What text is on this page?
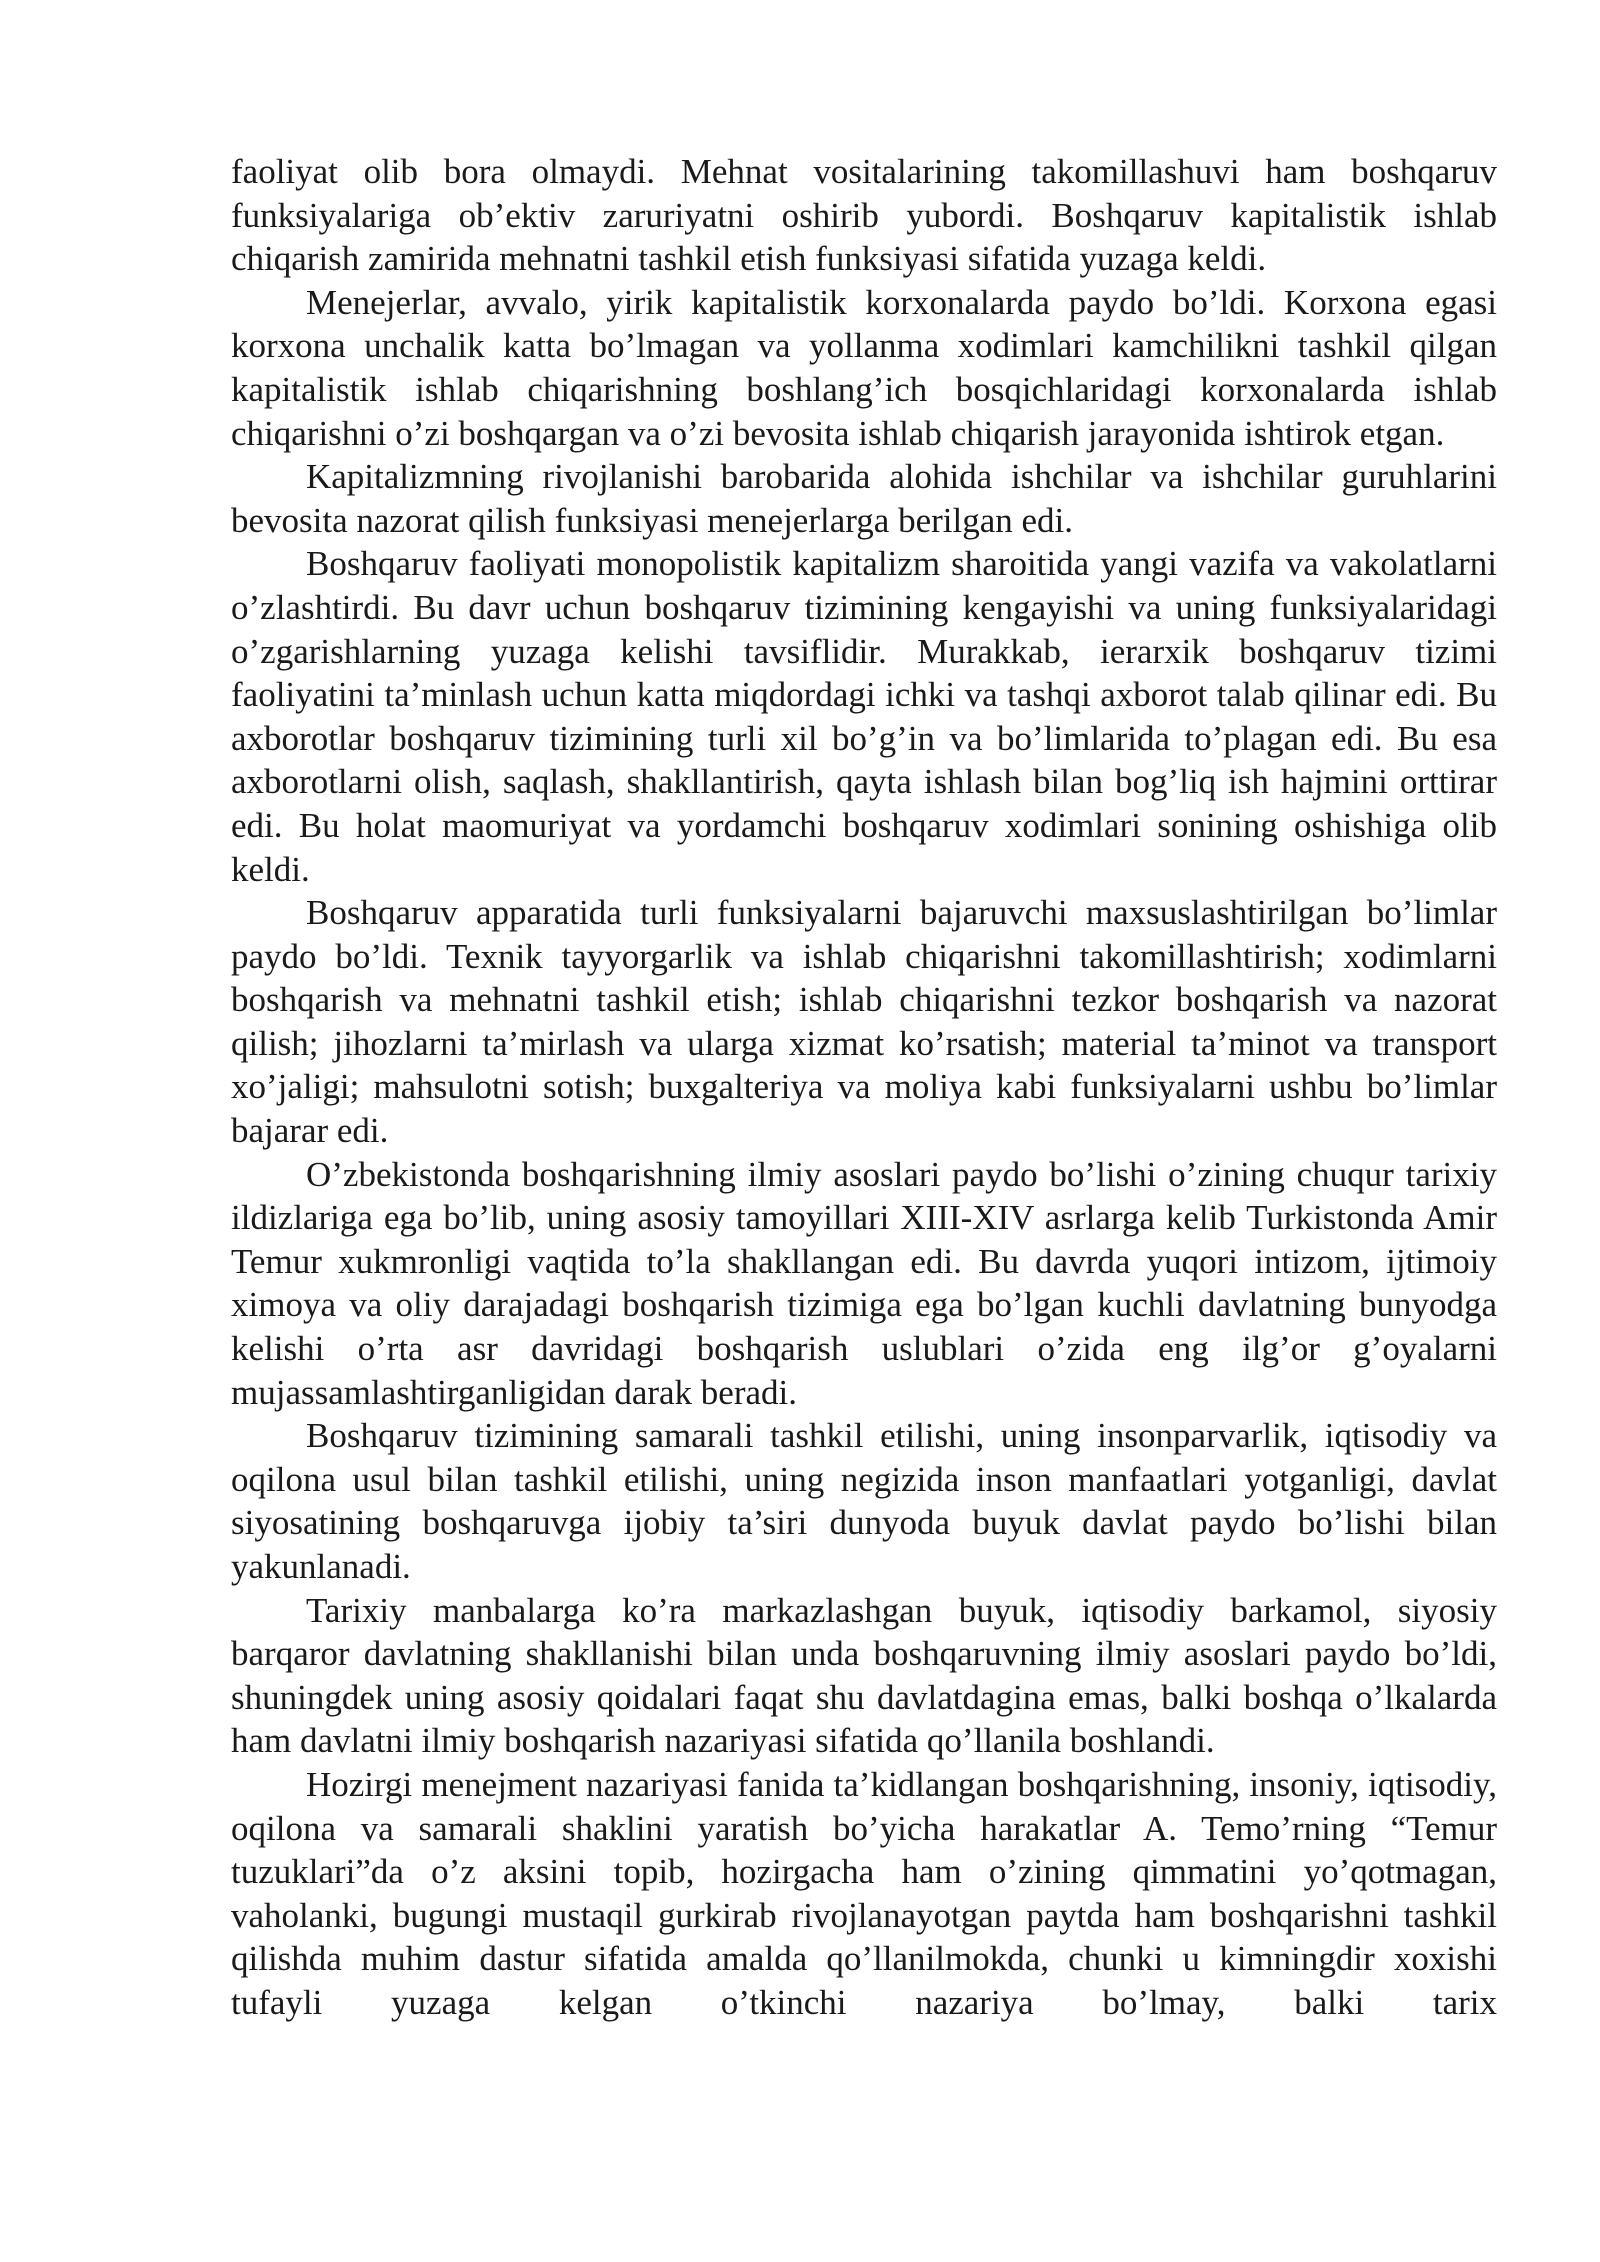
faoliyat olib bora olmaydi. Mehnat vositalarining takomillashuvi ham boshqaruv funksiyalariga ob’ektiv zaruriyatni oshirib yubordi. Boshqaruv kapitalistik ishlab chiqarish zamirida mehnatni tashkil etish funksiyasi sifatida yuzaga keldi.

Menejerlar, avvalo, yirik kapitalistik korxonalarda paydo bo’ldi. Korxona egasi korxona unchalik katta bo’lmagan va yollanma xodimlari kamchilikni tashkil qilgan kapitalistik ishlab chiqarishning boshlang’ich bosqichlaridagi korxonalarda ishlab chiqarishni o’zi boshqargan va o’zi bevosita ishlab chiqarish jarayonida ishtirok etgan.

Kapitalizmning rivojlanishi barobarida alohida ishchilar va ishchilar guruhlarini bevosita nazorat qilish funksiyasi menejerlarga berilgan edi.

Boshqaruv faoliyati monopolistik kapitalizm sharoitida yangi vazifa va vakolatlarni o’zlashtirdi. Bu davr uchun boshqaruv tizimining kengayishi va uning funksiyalaridagi o’zgarishlarning yuzaga kelishi tavsiflidir. Murakkab, ierarxik boshqaruv tizimi faoliyatini ta’minlash uchun katta miqdordagi ichki va tashqi axborot talab qilinar edi. Bu axborotlar boshqaruv tizimining turli xil bo’g’in va bo’limlarida to’plagan edi. Bu esa axborotlarni olish, saqlash, shakllantirish, qayta ishlash bilan bog’liq ish hajmini orttirar edi. Bu holat maomuriyat va yordamchi boshqaruv xodimlari sonining oshishiga olib keldi.

Boshqaruv apparatida turli funksiyalarni bajaruvchi maxsuslashtirilgan bo’limlar paydo bo’ldi. Texnik tayyorgarlik va ishlab chiqarishni takomillashtirish; xodimlarni boshqarish va mehnatni tashkil etish; ishlab chiqarishni tezkor boshqarish va nazorat qilish; jihozlarni ta’mirlash va ularga xizmat ko’rsatish; material ta’minot va transport xo’jaligi; mahsulotni sotish; buxgalteriya va moliya kabi funksiyalarni ushbu bo’limlar bajarar edi.

O’zbekistonda boshqarishning ilmiy asoslari paydo bo’lishi o’zining chuqur tarixiy ildizlariga ega bo’lib, uning asosiy tamoyillari XIII-XIV asrlarga kelib Turkistonda Amir Temur xukmronligi vaqtida to’la shakllangan edi. Bu davrda yuqori intizom, ijtimoiy ximoya va oliy darajadagi boshqarish tizimiga ega bo’lgan kuchli davlatning bunyodga kelishi o’rta asr davridagi boshqarish uslublari o’zida eng ilg’or g’oyalarni mujassamlashtirganligidan darak beradi.

Boshqaruv tizimining samarali tashkil etilishi, uning insonparvarlik, iqtisodiy va oqilona usul bilan tashkil etilishi, uning negizida inson manfaatlari yotganligi, davlat siyosatining boshqaruvga ijobiy ta’siri dunyoda buyuk davlat paydo bo’lishi bilan yakunlanadi.

Tarixiy manbalarga ko’ra markazlashgan buyuk, iqtisodiy barkamol, siyosiy barqaror davlatning shakllanishi bilan unda boshqaruvning ilmiy asoslari paydo bo’ldi, shuningdek uning asosiy qoidalari faqat shu davlatdagina emas, balki boshqa o’lkalarda ham davlatni ilmiy boshqarish nazariyasi sifatida qo’llanila boshlandi.

Hozirgi menejment nazariyasi fanida ta’kidlangan boshqarishning, insoniy, iqtisodiy, oqilona va samarali shaklini yaratish bo’yicha harakatlar A. Temo’rning “Temur tuzuklari”da o’z aksini topib, hozirgacha ham o’zining qimmatini yo’qotmagan, vaholanki, bugungi mustaqil gurkirab rivojlanayotgan paytda ham boshqarishni tashkil qilishda muhim dastur sifatida amalda qo’llanilmokda, chunki u kimningdir xoxishi tufayli yuzaga kelgan o’tkinchi nazariya bo’lmay, balki tarix
